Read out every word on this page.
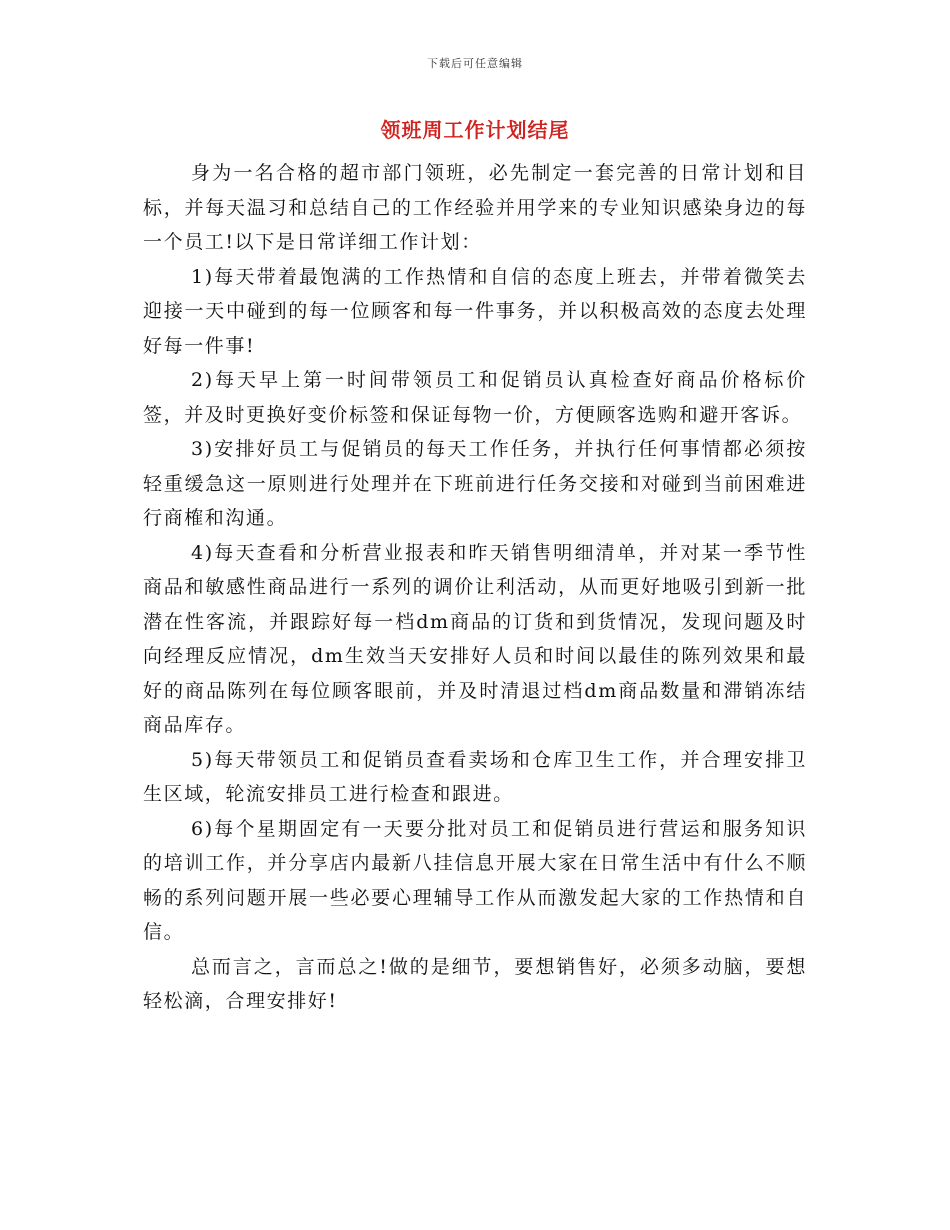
下载后可任意编辑
领班周工作计划结尾

身为一名合格的超市部门领班，必先制定一套完善的日常计划和目标，并每天温习和总结自己的工作经验并用学来的专业知识感染身边的每一个员工!以下是日常详细工作计划：

1)每天带着最饱满的工作热情和自信的态度上班去，并带着微笑去迎接一天中碰到的每一位顾客和每一件事务，并以积极高效的态度去处理好每一件事!

2)每天早上第一时间带领员工和促销员认真检查好商品价格标价签，并及时更换好变价标签和保证每物一价，方便顾客选购和避开客诉。

3)安排好员工与促销员的每天工作任务，并执行任何事情都必须按轻重缓急这一原则进行处理并在下班前进行任务交接和对碰到当前困难进行商榷和沟通。

4)每天查看和分析营业报表和昨天销售明细清单，并对某一季节性商品和敏感性商品进行一系列的调价让利活动，从而更好地吸引到新一批潜在性客流，并跟踪好每一档dm商品的订货和到货情况，发现问题及时向经理反应情况，dm生效当天安排好人员和时间以最佳的陈列效果和最好的商品陈列在每位顾客眼前，并及时清退过档dm商品数量和滞销冻结商品库存。

5)每天带领员工和促销员查看卖场和仓库卫生工作，并合理安排卫生区域，轮流安排员工进行检查和跟进。

6)每个星期固定有一天要分批对员工和促销员进行营运和服务知识的培训工作，并分享店内最新八挂信息开展大家在日常生活中有什么不顺畅的系列问题开展一些必要心理辅导工作从而激发起大家的工作热情和自信。

总而言之，言而总之!做的是细节，要想销售好，必须多动脑，要想轻松滴，合理安排好!
